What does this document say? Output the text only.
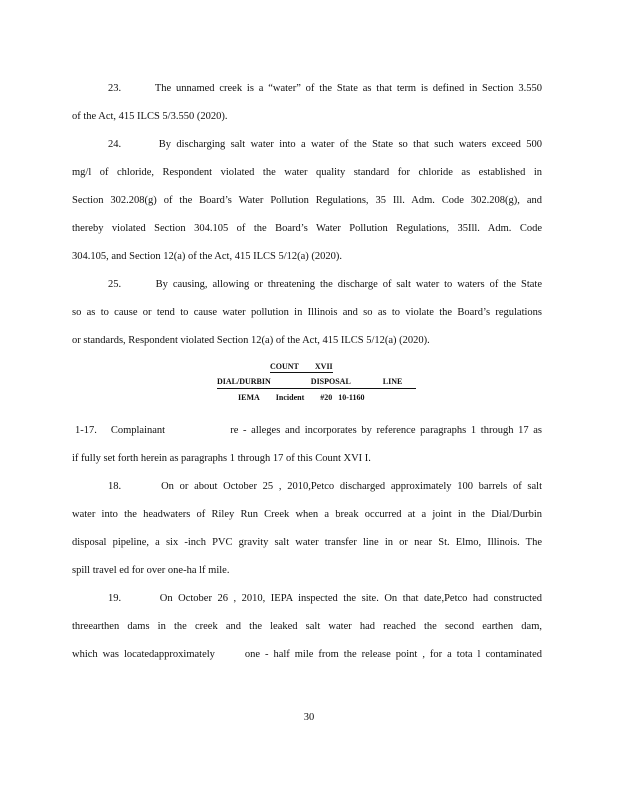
23.       The unnamed creek is a “water” of the State as that term is defined in Section 3.550
of the Act, 415 ILCS 5/3.550 (2020).
24.       By discharging salt water into a water of the State so that such waters exceed 500
mg/l of chloride, Respondent violated the water quality standard for chloride as established in
Section 302.208(g) of the Board’s Water Pollution Regulations, 35 Ill. Adm. Code 302.208(g), and
thereby violated Section 304.105 of the Board’s Water Pollution Regulations, 35Ill. Adm. Code
304.105, and Section 12(a) of the Act, 415 ILCS 5/12(a) (2020).
25.       By causing, allowing or threatening the discharge of salt water to waters of the State
so as to cause or tend to cause water pollution in Illinois and so as to violate the Board’s regulations
or standards, Respondent violated Section 12(a) of the Act, 415 ILCS 5/12(a) (2020).
COUNT        XVII
DIAL/DURBIN                    DISPOSAL                LINE
IEMA        Incident        #20   10-1160
1-17.   Complainant              re - alleges and incorporates by reference paragraphs 1 through 17 as
if fully set forth herein as paragraphs 1 through 17 of this Count XVI I.
18.       On or about October 25 , 2010,Petco discharged approximately 100 barrels of salt
water into the headwaters of Riley Run Creek when a break occurred at a joint in the Dial/Durbin
disposal pipeline, a six -inch PVC gravity salt water transfer line in or near St. Elmo, Illinois. The
spill travel ed for over one-ha lf mile.
19.       On October 26 , 2010, IEPA inspected the site. On that date,Petco had constructed
threearthen dams in the creek and the leaked salt water had reached the second earthen dam,
which was locatedapproximately      one - half mile from the release point , for a tota l contaminated
30
